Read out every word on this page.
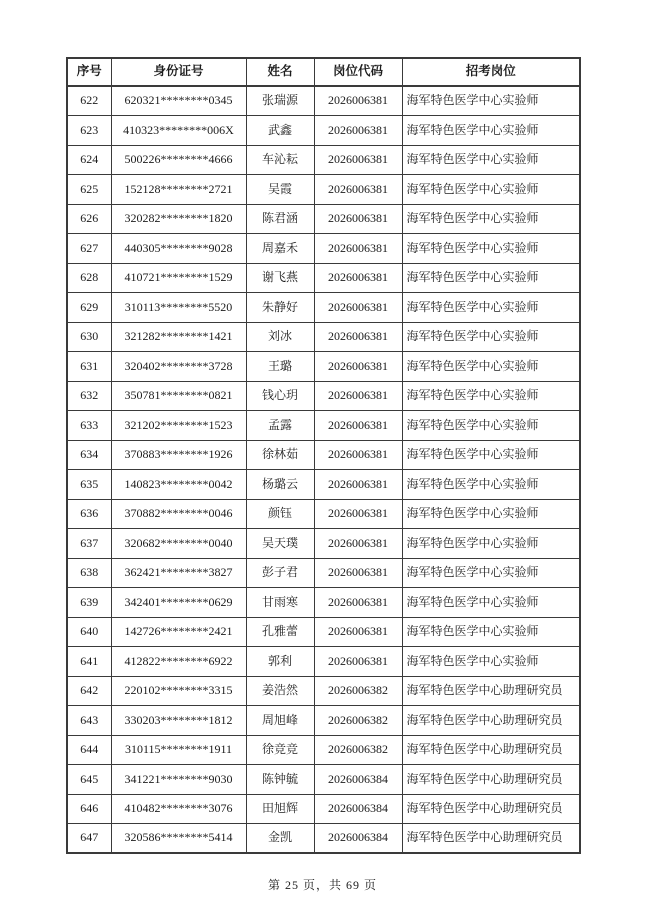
序号	身份证号	姓名	岗位代码	招考岗位
622	620321********0345	张瑞源	2026006381	海军特色医学中心实验师
623	410323********006X	武鑫	2026006381	海军特色医学中心实验师
624	500226********4666	车沁耘	2026006381	海军特色医学中心实验师
625	152128********2721	吴霞	2026006381	海军特色医学中心实验师
626	320282********1820	陈君涵	2026006381	海军特色医学中心实验师
627	440305********9028	周嘉禾	2026006381	海军特色医学中心实验师
628	410721********1529	谢飞燕	2026006381	海军特色医学中心实验师
629	310113********5520	朱静好	2026006381	海军特色医学中心实验师
630	321282********1421	刘冰	2026006381	海军特色医学中心实验师
631	320402********3728	王璐	2026006381	海军特色医学中心实验师
632	350781********0821	钱心玥	2026006381	海军特色医学中心实验师
633	321202********1523	孟露	2026006381	海军特色医学中心实验师
634	370883********1926	徐林茹	2026006381	海军特色医学中心实验师
635	140823********0042	杨璐云	2026006381	海军特色医学中心实验师
636	370882********0046	颜钰	2026006381	海军特色医学中心实验师
637	320682********0040	吴天璞	2026006381	海军特色医学中心实验师
638	362421********3827	彭子君	2026006381	海军特色医学中心实验师
639	342401********0629	甘雨寒	2026006381	海军特色医学中心实验师
640	142726********2421	孔雅蕾	2026006381	海军特色医学中心实验师
641	412822********6922	郭利	2026006381	海军特色医学中心实验师
642	220102********3315	姜浩然	2026006382	海军特色医学中心助理研究员
643	330203********1812	周旭峰	2026006382	海军特色医学中心助理研究员
644	310115********1911	徐竞竞	2026006382	海军特色医学中心助理研究员
645	341221********9030	陈钟毓	2026006384	海军特色医学中心助理研究员
646	410482********3076	田旭辉	2026006384	海军特色医学中心助理研究员
647	320586********5414	金凯	2026006384	海军特色医学中心助理研究员
第 25 页，共 69 页
